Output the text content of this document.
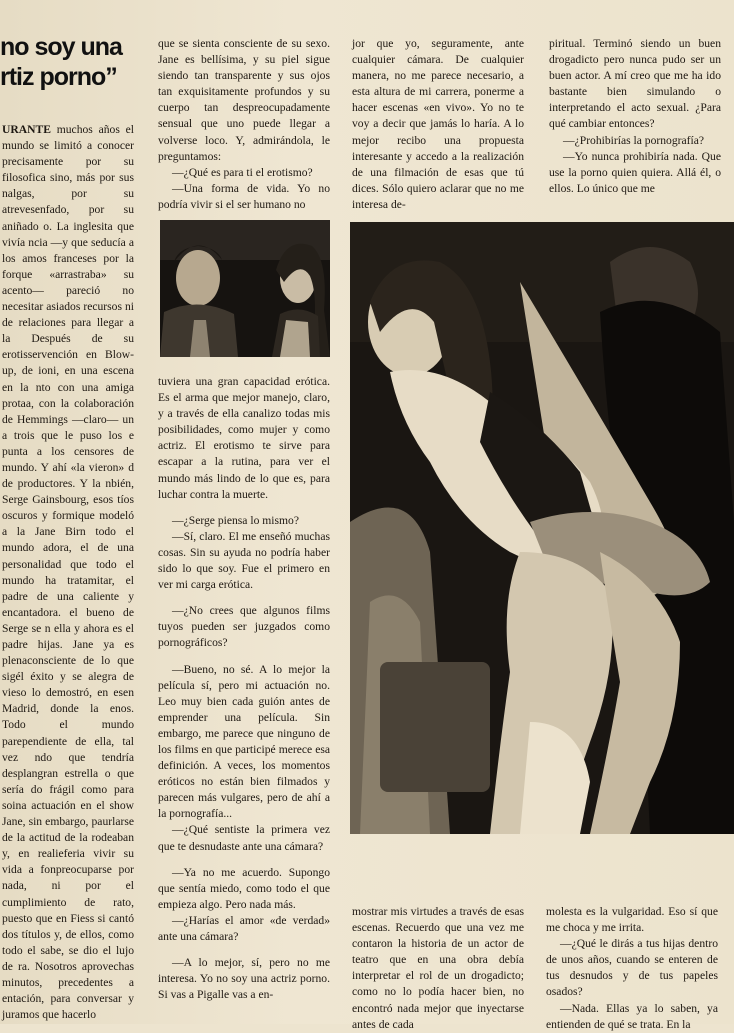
no soy una
rtiz porno”

URANTE muchos años el mundo se limitó a conocer precisamente por su filosofica sino, más por sus nalgas, por su atrevesenfado, por su aniñado o. La inglesita que vivía ncia —y que seducía a los amos franceses por la forque «arrastraba» su acento— pareció no necesitar asiados recursos ni de relaciones para llegar a la Después de su erotisservención en Blow-up, de ioni, en una escena en la nto con una amiga protaa, con la colaboración de Hemmings —claro— un a trois que le puso los e punta a los censores de mundo. Y ahí «la vieron» d de productores. Y la nbién, Serge Gainsbourg, esos tíos oscuros y formique modeló a la Jane Birn todo el mundo adora, el de una personalidad que todo el mundo ha tratamitar, el padre de una caliente y encantadora. el bueno de Serge se n ella y ahora es el padre hijas. Jane ya es plenaconsciente de lo que sigél éxito y se alegra de vieso lo demostró, en esen Madrid, donde la enos. Todo el mundo parependiente de ella, tal vez ndo que tendría desplangran estrella o que sería do frágil como para soina actuación en el show Jane, sin embargo, paurlarse de la actitud de la rodeaban y, en realieferia vivir su vida a fonpreocuparse por nada, ni por el cumplimiento de rato, puesto que en Fiess si cantó dos títulos y, de ellos, como todo el sabe, se dio el lujo de ra. Nosotros aprovechas minutos, precedentes a entación, para conversar y juramos que hacerlo

que se sienta consciente de su sexo. Jane es bellísima, y su piel sigue siendo tan transparente y sus ojos tan exquisitamente profundos y su cuerpo tan despreocupadamente sensual que uno puede llegar a volverse loco. Y, admirándola, le preguntamos:

—¿Qué es para ti el erotismo?

—Una forma de vida. Yo no podría vivir si el ser humano no

tuviera una gran capacidad erótica. Es el arma que mejor manejo, claro, y a través de ella canalizo todas mis posibilidades, como mujer y como actriz. El erotismo te sirve para escapar a la rutina, para ver el mundo más lindo de lo que es, para luchar contra la muerte.

—¿Serge piensa lo mismo?

—Sí, claro. El me enseñó muchas cosas. Sin su ayuda no podría haber sido lo que soy. Fue el primero en ver mi carga erótica.

—¿No crees que algunos films tuyos pueden ser juzgados como pornográficos?

—Bueno, no sé. A lo mejor la película sí, pero mi actuación no. Leo muy bien cada guión antes de emprender una película. Sin embargo, me parece que ninguno de los films en que participé merece esa definición. A veces, los momentos eróticos no están bien filmados y parecen más vulgares, pero de ahí a la pornografía...

—¿Qué sentiste la primera vez que te desnudaste ante una cámara?

—Ya no me acuerdo. Supongo que sentía miedo, como todo el que empieza algo. Pero nada más.

—¿Harías el amor «de verdad» ante una cámara?

—A lo mejor, sí, pero no me interesa. Yo no soy una actriz porno. Si vas a Pigalle vas a en-

jor que yo, seguramente, ante cualquier cámara. De cualquier manera, no me parece necesario, a esta altura de mi carrera, ponerme a hacer escenas «en vivo». Yo no te voy a decir que jamás lo haría. A lo mejor recibo una propuesta interesante y accedo a la realización de una filmación de esas que tú dices. Sólo quiero aclarar que no me interesa de-

piritual. Terminó siendo un buen drogadicto pero nunca pudo ser un buen actor. A mí creo que me ha ido bastante bien simulando o interpretando el acto sexual. ¿Para qué cambiar entonces?

—¿Prohibirías la pornografía?

—Yo nunca prohibiría nada. Que use la porno quien quiera. Allá él, o ellos. Lo único que me

mostrar mis virtudes a través de esas escenas. Recuerdo que una vez me contaron la historia de un actor de teatro que en una obra debía interpretar el rol de un drogadicto; como no lo podía hacer bien, no encontró nada mejor que inyectarse antes de cada

molesta es la vulgaridad. Eso sí que me choca y me irrita.

—¿Qué le dirás a tus hijas dentro de unos años, cuando se enteren de tus desnudos y de tus papeles osados?

—Nada. Ellas ya lo saben, ya entienden de qué se trata. En la
